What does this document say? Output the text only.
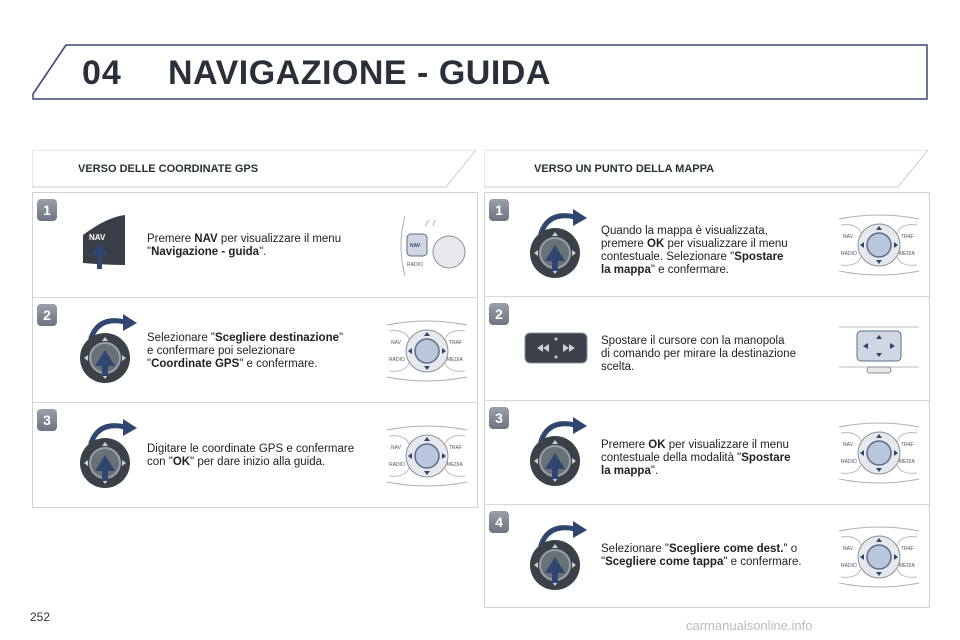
04 NAVIGAZIONE - GUIDA
VERSO DELLE COORDINATE GPS	VERSO UN PUNTO DELLA MAPPA
1
NAV	Premere NAV per visualizzare il menu
"Navigazione - guida".	NAV
RADIO
2
Selezionare "Scegliere destinazione"
e confermare poi selezionare
"Coordinate GPS" e confermare.
NAV	TRAF
RADIO	MEDIA
3
Digitare le coordinate GPS e confermare
con "OK" per dare inizio alla guida.
NAV	TRAF
RADIO	MEDIA
1
Quando la mappa è visualizzata,
premere OK per visualizzare il menu
contestuale. Selezionare "Spostare
la mappa" e confermare.
NAV	TRAF
RADIO	MEDIA
2
Spostare il cursore con la manopola
di comando per mirare la destinazione
scelta.
3
Premere OK per visualizzare il menu
contestuale della modalità "Spostare
la mappa".
NAV	TRAF
RADIO	MEDIA
4
Selezionare "Scegliere come dest." o
"Scegliere come tappa" e confermare.
NAV	TRAF
RADIO	MEDIA
252
carmanualsonline.info
